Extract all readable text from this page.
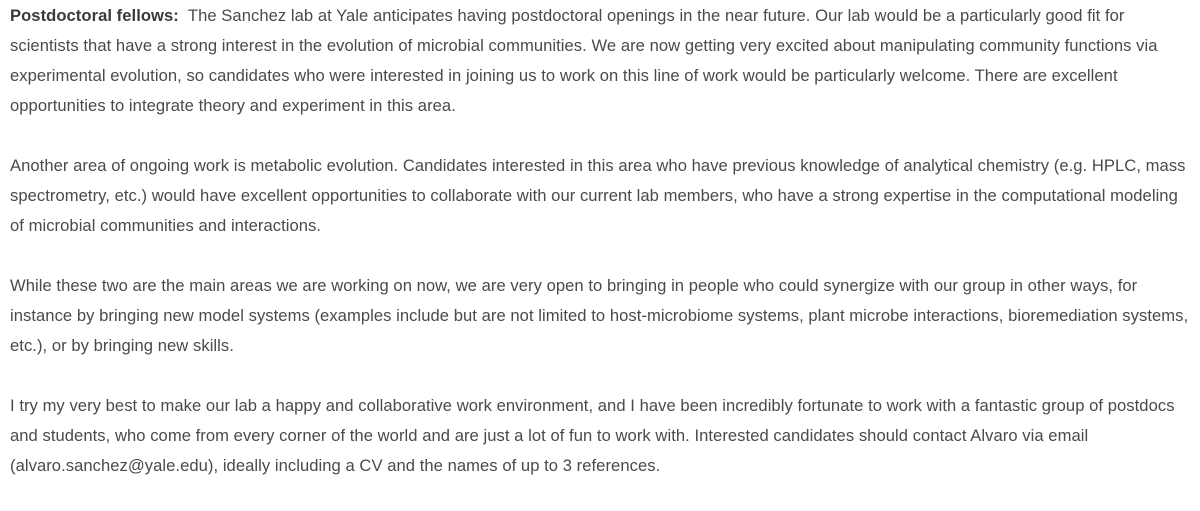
Postdoctoral fellows: The Sanchez lab at Yale anticipates having postdoctoral openings in the near future. Our lab would be a particularly good fit for scientists that have a strong interest in the evolution of microbial communities. We are now getting very excited about manipulating community functions via experimental evolution, so candidates who were interested in joining us to work on this line of work would be particularly welcome. There are excellent opportunities to integrate theory and experiment in this area.

Another area of ongoing work is metabolic evolution. Candidates interested in this area who have previous knowledge of analytical chemistry (e.g. HPLC, mass spectrometry, etc.) would have excellent opportunities to collaborate with our current lab members, who have a strong expertise in the computational modeling of microbial communities and interactions.

While these two are the main areas we are working on now, we are very open to bringing in people who could synergize with our group in other ways, for instance by bringing new model systems (examples include but are not limited to host-microbiome systems, plant microbe interactions, bioremediation systems, etc.), or by bringing new skills.

I try my very best to make our lab a happy and collaborative work environment, and I have been incredibly fortunate to work with a fantastic group of postdocs and students, who come from every corner of the world and are just a lot of fun to work with. Interested candidates should contact Alvaro via email (alvaro.sanchez@yale.edu), ideally including a CV and the names of up to 3 references.
